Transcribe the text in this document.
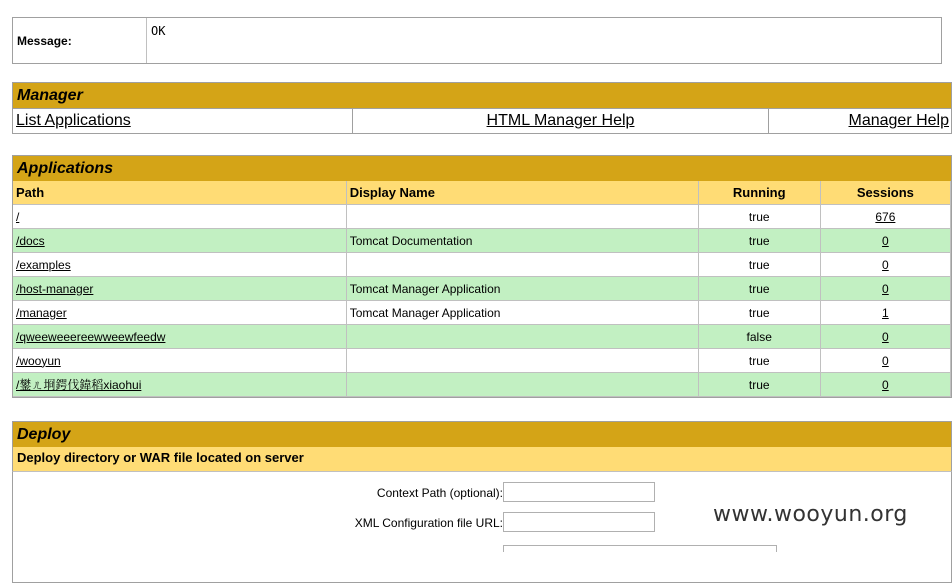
Message:	OK
Manager
List Applications	HTML Manager Help	Manager Help
Applications
Path	Display Name	Running	Sessions
/		true	676
/docs	Tomcat Documentation	true	0
/examples		true	0
/host-manager	Tomcat Manager Application	true	0
/manager	Tomcat Manager Application	true	1
/qweeweeereewweewfeedw		false	0
/wooyun		true	0
/鐢ㄦ埛鍔伐鍏稻xiaohui		true	0
Deploy
Deploy directory or WAR file located on server
Context Path (optional):
XML Configuration file URL:	www.wooyun.org
